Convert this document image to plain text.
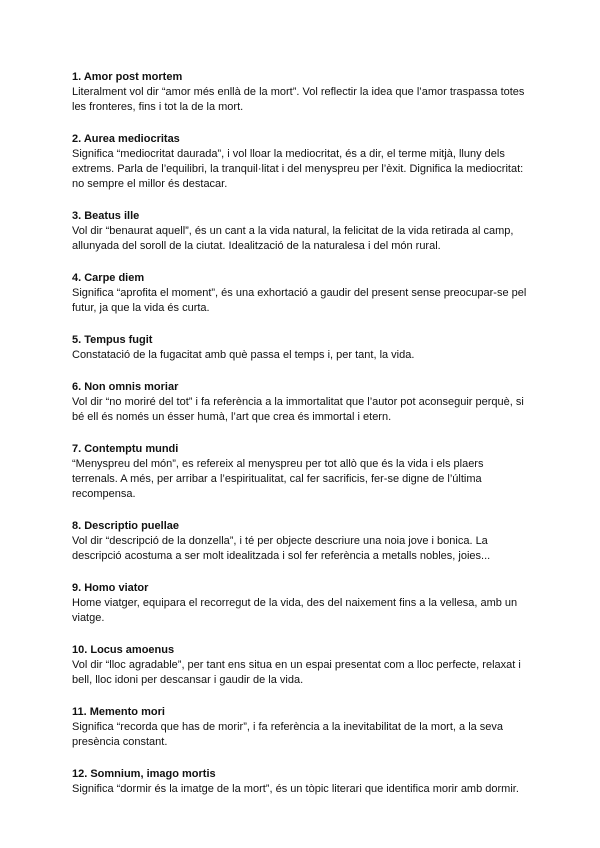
1. Amor post mortem

Literalment vol dir “amor més enllà de la mort”. Vol reflectir la idea que l’amor traspassa totes les fronteres, fins i tot la de la mort.

2. Aurea mediocritas

Significa “mediocritat daurada”, i vol lloar la mediocritat, és a dir, el terme mitjà, lluny dels extrems. Parla de l’equilibri, la tranquil·litat i del menyspreu per l’èxit. Dignifica la mediocritat: no sempre el millor és destacar.

3. Beatus ille

Vol dir “benaurat aquell”, és un cant a la vida natural, la felicitat de la vida retirada al camp, allunyada del soroll de la ciutat. Idealització de la naturalesa i del món rural.

4. Carpe diem

Significa “aprofita el moment”, és una exhortació a gaudir del present sense preocupar-se pel futur, ja que la vida és curta.

5. Tempus fugit

Constatació de la fugacitat amb què passa el temps i, per tant, la vida.

6. Non omnis moriar

Vol dir “no moriré del tot” i fa referència a la immortalitat que l’autor pot aconseguir perquè, si bé ell és només un ésser humà, l’art que crea és immortal i etern.

7. Contemptu mundi

“Menyspreu del món”, es refereix al menyspreu per tot allò que és la vida i els plaers terrenals. A més, per arribar a l’espiritualitat, cal fer sacrificis, fer-se digne de l’última recompensa.

8. Descriptio puellae

Vol dir “descripció de la donzella”, i té per objecte descriure una noia jove i bonica. La descripció acostuma a ser molt idealitzada i sol fer referència a metalls nobles, joies...

9. Homo viator

Home viatger, equipara el recorregut de la vida, des del naixement fins a la vellesa, amb un viatge.

10. Locus amoenus

Vol dir “lloc agradable”, per tant ens situa en un espai presentat com a lloc perfecte, relaxat i bell, lloc idoni per descansar i gaudir de la vida.

11. Memento mori

Significa “recorda que has de morir”, i fa referència a la inevitabilitat de la mort, a la seva presència constant.

12. Somnium, imago mortis

Significa “dormir és la imatge de la mort”, és un tòpic literari que identifica morir amb dormir.
